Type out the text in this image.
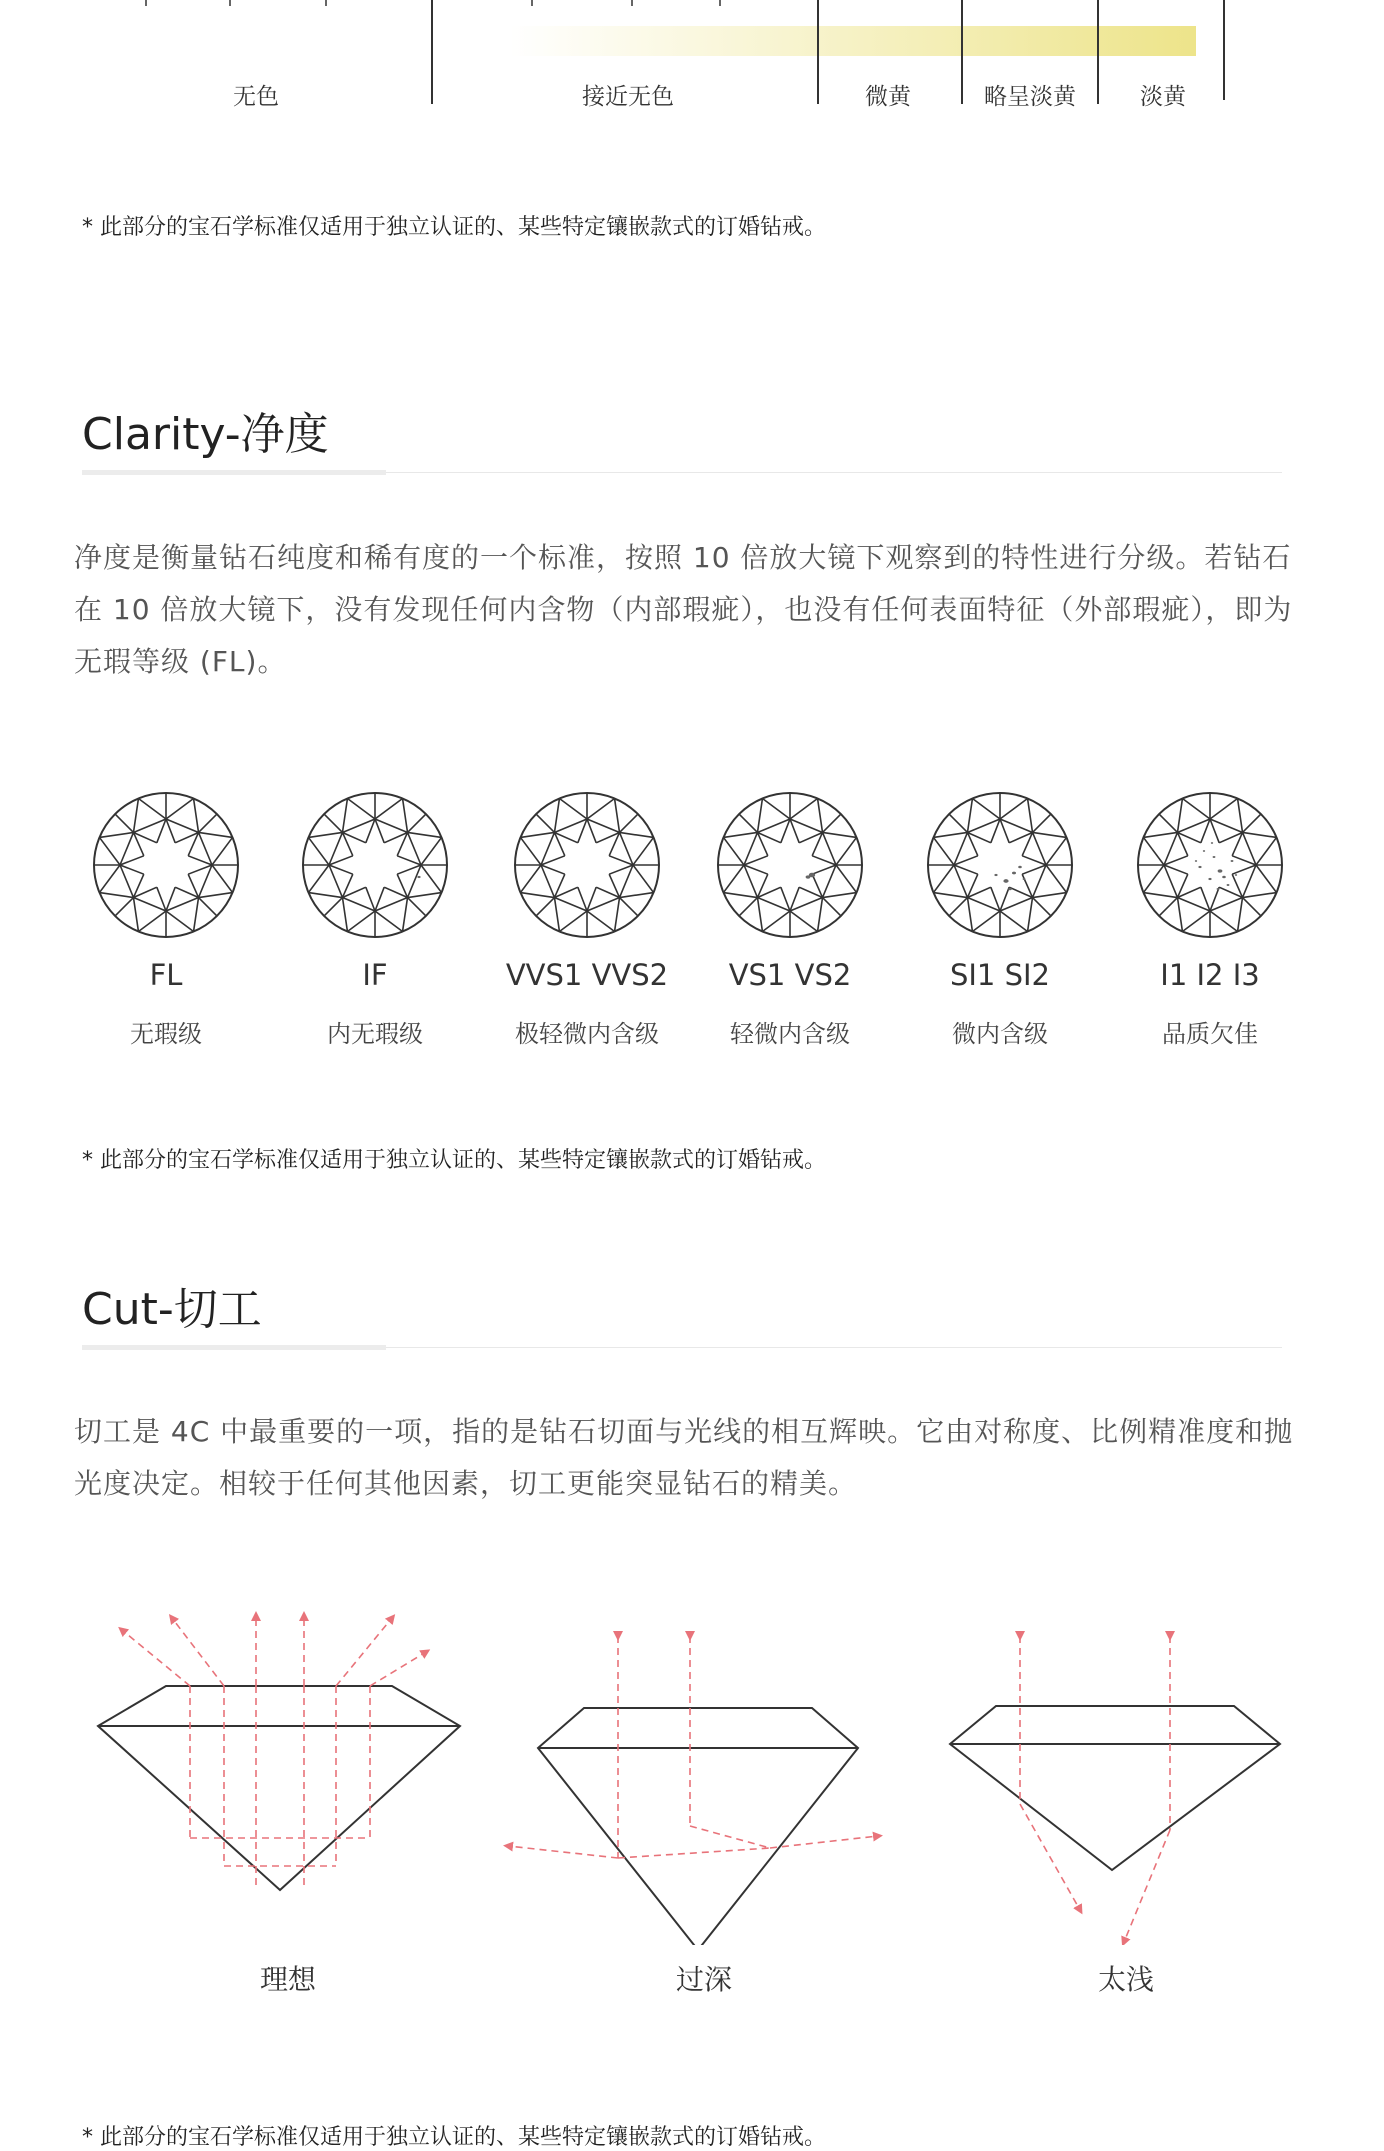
无色	接近无色	微黄	略呈淡黄	淡黄
* 此部分的宝石学标准仅适用于独立认证的、某些特定镶嵌款式的订婚钻戒。
Clarity-净度
净度是衡量钻石纯度和稀有度的一个标准，按照 10 倍放大镜下观察到的特性进行分级。若钻石在 10 倍放大镜下，没有发现任何内含物（内部瑕疵），也没有任何表面特征（外部瑕疵），即为无瑕等级 (FL)。
FL
无瑕级
IF
内无瑕级
VVS1 VVS2
极轻微内含级
VS1 VS2
轻微内含级
SI1 SI2
微内含级
I1 I2 I3
品质欠佳
* 此部分的宝石学标准仅适用于独立认证的、某些特定镶嵌款式的订婚钻戒。
Cut-切工
切工是 4C 中最重要的一项，指的是钻石切面与光线的相互辉映。它由对称度、比例精准度和抛光度决定。相较于任何其他因素，切工更能突显钻石的精美。
理想	过深	太浅
* 此部分的宝石学标准仅适用于独立认证的、某些特定镶嵌款式的订婚钻戒。
